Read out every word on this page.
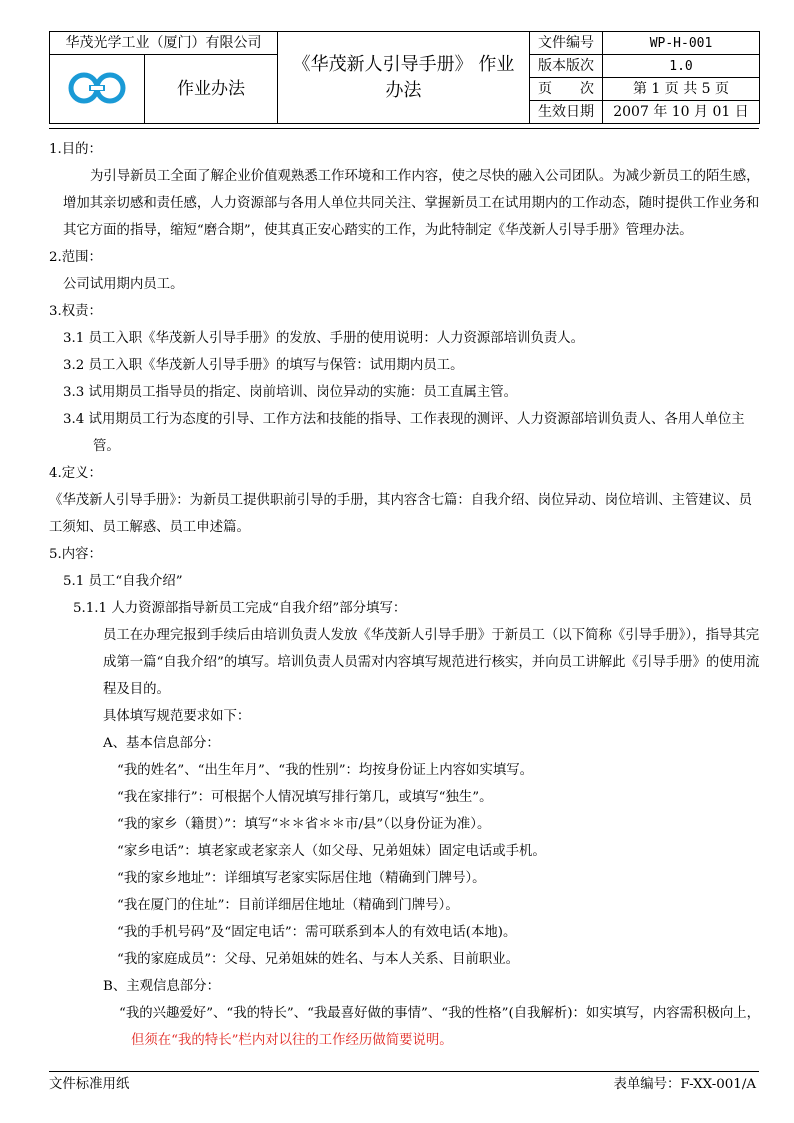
华茂光学工业（厦门）有限公司		《华茂新人引导手册》 作业办法	文件编号	WP-H-001
	作业办法		版本版次	1.0
			页　　次	第 1 页 共 5 页
			生效日期	2007 年 10 月 01 日

1.目的：

为引导新员工全面了解企业价值观熟悉工作环境和工作内容，使之尽快的融入公司团队。为减少新员工的陌生感，增加其亲切感和责任感，人力资源部与各用人单位共同关注、掌握新员工在试用期内的工作动态，随时提供工作业务和其它方面的指导，缩短“磨合期”，使其真正安心踏实的工作，为此特制定《华茂新人引导手册》管理办法。

2.范围：

公司试用期内员工。

3.权责：

3.1 员工入职《华茂新人引导手册》的发放、手册的使用说明：人力资源部培训负责人。

3.2 员工入职《华茂新人引导手册》的填写与保管：试用期内员工。

3.3 试用期员工指导员的指定、岗前培训、岗位异动的实施：员工直属主管。

3.4 试用期员工行为态度的引导、工作方法和技能的指导、工作表现的测评、人力资源部培训负责人、各用人单位主管。

4.定义：

《华茂新人引导手册》：为新员工提供职前引导的手册，其内容含七篇：自我介绍、岗位异动、岗位培训、主管建议、员工须知、员工解惑、员工申述篇。

5.内容：

5.1 员工“自我介绍”

5.1.1 人力资源部指导新员工完成“自我介绍”部分填写：

员工在办理完报到手续后由培训负责人发放《华茂新人引导手册》于新员工（以下简称《引导手册》），指导其完成第一篇“自我介绍”的填写。培训负责人员需对内容填写规范进行核实，并向员工讲解此《引导手册》的使用流程及目的。

具体填写规范要求如下：

A、基本信息部分：

“我的姓名”、“出生年月”、“我的性别”：均按身份证上内容如实填写。

“我在家排行”：可根据个人情况填写排行第几，或填写“独生”。

“我的家乡（籍贯）”：填写“＊＊省＊＊市/县”（以身份证为准）。

“家乡电话”：填老家或老家亲人（如父母、兄弟姐妹）固定电话或手机。

“我的家乡地址”：详细填写老家实际居住地（精确到门牌号）。

“我在厦门的住址”：目前详细居住地址（精确到门牌号）。

“我的手机号码”及“固定电话”：需可联系到本人的有效电话(本地)。

“我的家庭成员”：父母、兄弟姐妹的姓名、与本人关系、目前职业。

B、主观信息部分：

“我的兴趣爱好”、“我的特长”、“我最喜好做的事情”、“我的性格”(自我解析)：如实填写，内容需积极向上，但须在“我的特长”栏内对以往的工作经历做简要说明。

文件标准用纸	表单编号：F-XX-001/A
